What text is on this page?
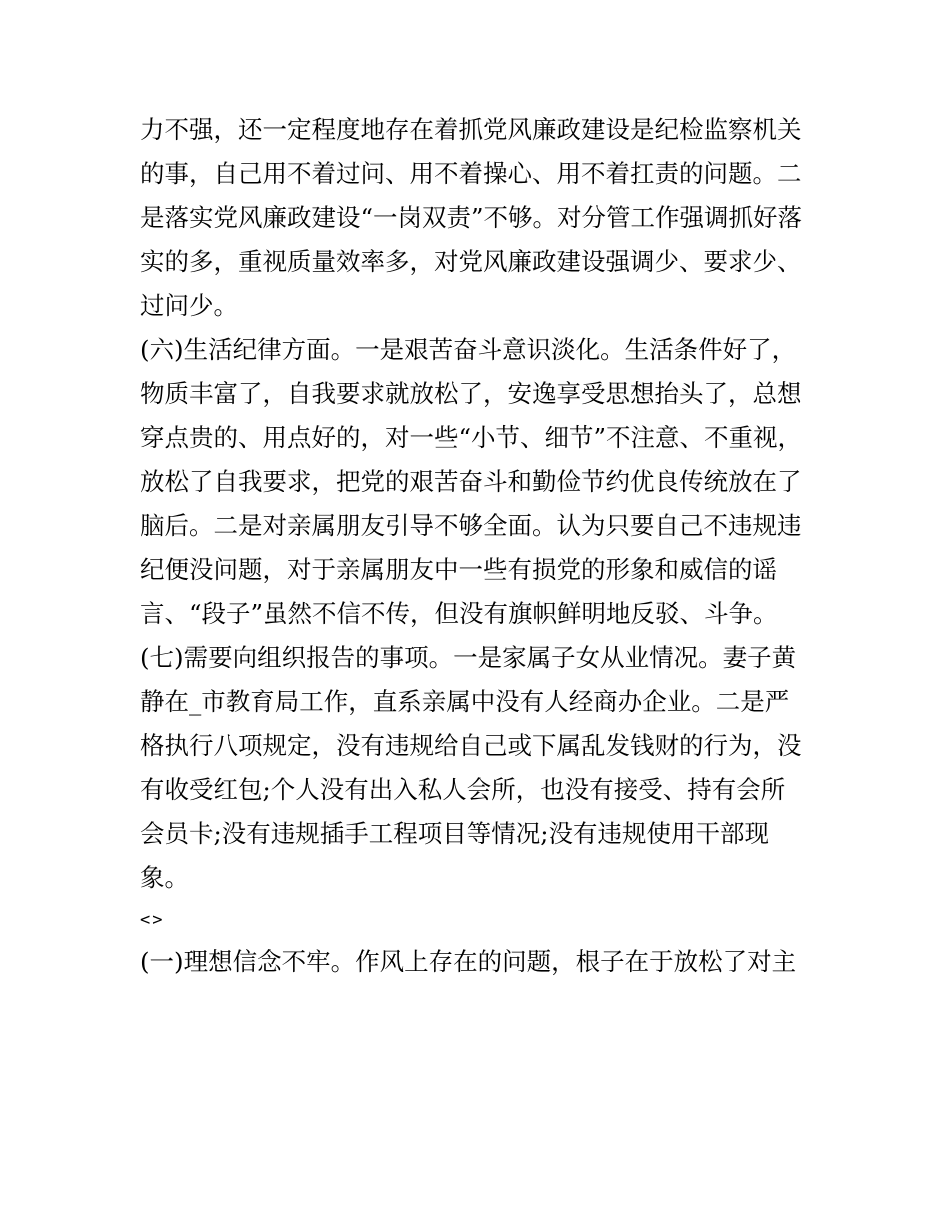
力不强，还一定程度地存在着抓党风廉政建设是纪检监察机关
的事，自己用不着过问、用不着操心、用不着扛责的问题。二
是落实党风廉政建设“一岗双责”不够。对分管工作强调抓好落
实的多，重视质量效率多，对党风廉政建设强调少、要求少、
过问少。
(六)生活纪律方面。一是艰苦奋斗意识淡化。生活条件好了，
物质丰富了，自我要求就放松了，安逸享受思想抬头了，总想
穿点贵的、用点好的，对一些“小节、细节”不注意、不重视，
放松了自我要求，把党的艰苦奋斗和勤俭节约优良传统放在了
脑后。二是对亲属朋友引导不够全面。认为只要自己不违规违
纪便没问题，对于亲属朋友中一些有损党的形象和威信的谣
言、“段子”虽然不信不传，但没有旗帜鲜明地反驳、斗争。
(七)需要向组织报告的事项。一是家属子女从业情况。妻子黄
静在_市教育局工作，直系亲属中没有人经商办企业。二是严
格执行八项规定，没有违规给自己或下属乱发钱财的行为，没
有收受红包;个人没有出入私人会所，也没有接受、持有会所
会员卡;没有违规插手工程项目等情况;没有违规使用干部现
象。
<>
(一)理想信念不牢。作风上存在的问题，根子在于放松了对主
